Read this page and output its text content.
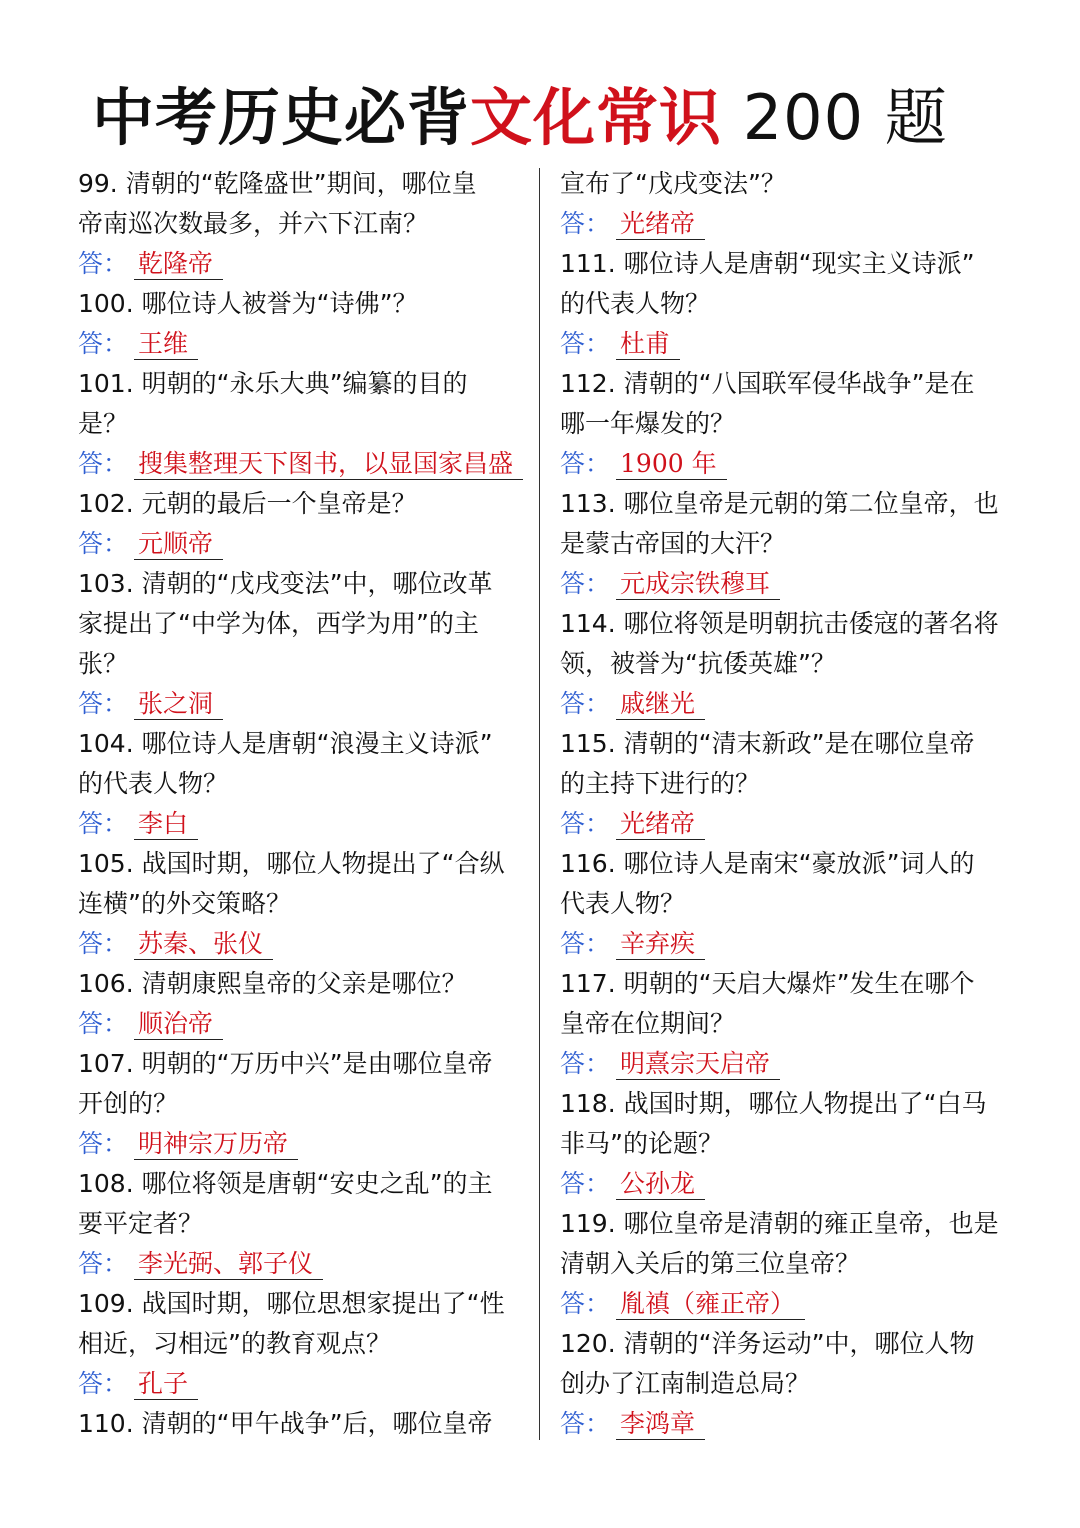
中考历史必背文化常识 200 题
99. 清朝的“乾隆盛世”期间，哪位皇
帝南巡次数最多，并六下江南？
答： 乾隆帝
100. 哪位诗人被誉为“诗佛”？
答： 王维
101. 明朝的“永乐大典”编纂的目的
是？
答： 搜集整理天下图书，以显国家昌盛
102. 元朝的最后一个皇帝是？
答： 元顺帝
103. 清朝的“戊戌变法”中，哪位改革
家提出了“中学为体，西学为用”的主
张？
答： 张之洞
104. 哪位诗人是唐朝“浪漫主义诗派”
的代表人物？
答： 李白
105. 战国时期，哪位人物提出了“合纵
连横”的外交策略？
答： 苏秦、张仪
106. 清朝康熙皇帝的父亲是哪位？
答： 顺治帝
107. 明朝的“万历中兴”是由哪位皇帝
开创的？
答： 明神宗万历帝
108. 哪位将领是唐朝“安史之乱”的主
要平定者？
答： 李光弼、郭子仪
109. 战国时期，哪位思想家提出了“性
相近，习相远”的教育观点？
答： 孔子
110. 清朝的“甲午战争”后，哪位皇帝
宣布了“戊戌变法”？
答： 光绪帝
111. 哪位诗人是唐朝“现实主义诗派”
的代表人物？
答： 杜甫
112. 清朝的“八国联军侵华战争”是在
哪一年爆发的？
答： 1900 年
113. 哪位皇帝是元朝的第二位皇帝，也
是蒙古帝国的大汗？
答： 元成宗铁穆耳
114. 哪位将领是明朝抗击倭寇的著名将
领，被誉为“抗倭英雄”？
答： 戚继光
115. 清朝的“清末新政”是在哪位皇帝
的主持下进行的？
答： 光绪帝
116. 哪位诗人是南宋“豪放派”词人的
代表人物？
答： 辛弃疾
117. 明朝的“天启大爆炸”发生在哪个
皇帝在位期间？
答： 明熹宗天启帝
118. 战国时期，哪位人物提出了“白马
非马”的论题？
答： 公孙龙
119. 哪位皇帝是清朝的雍正皇帝，也是
清朝入关后的第三位皇帝？
答： 胤禛（雍正帝）
120. 清朝的“洋务运动”中，哪位人物
创办了江南制造总局？
答： 李鸿章
